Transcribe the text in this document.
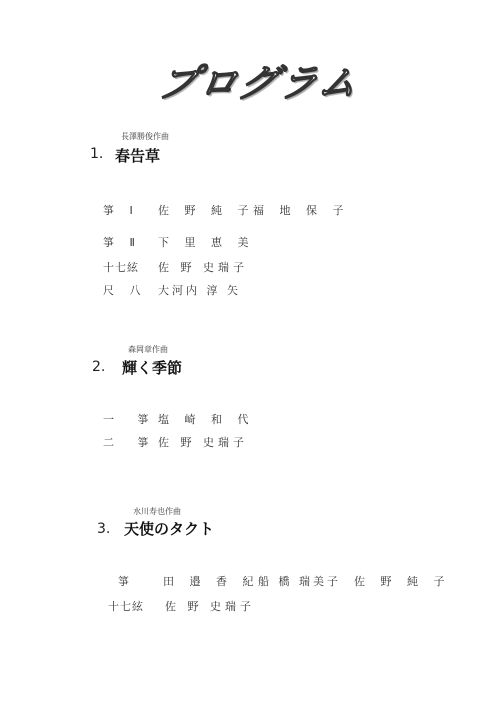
プログラム
長澤勝俊作曲
1. 春告草
箏 Ⅰ 佐 野 純 子
福 地 保 子
箏 Ⅱ 下 里 恵 美
十七絃 佐 野 史瑞子
尺 八 大河内 淳 矢
森岡章作曲
2. 輝く季節
一 箏 塩 崎 和 代
二 箏 佐 野 史瑞子
水川寿也作曲
3. 天使のタクト
箏	田 邉 香 紀
船 橋 瑞美子 佐 野 純 子
十七絃 佐 野 史瑞子
